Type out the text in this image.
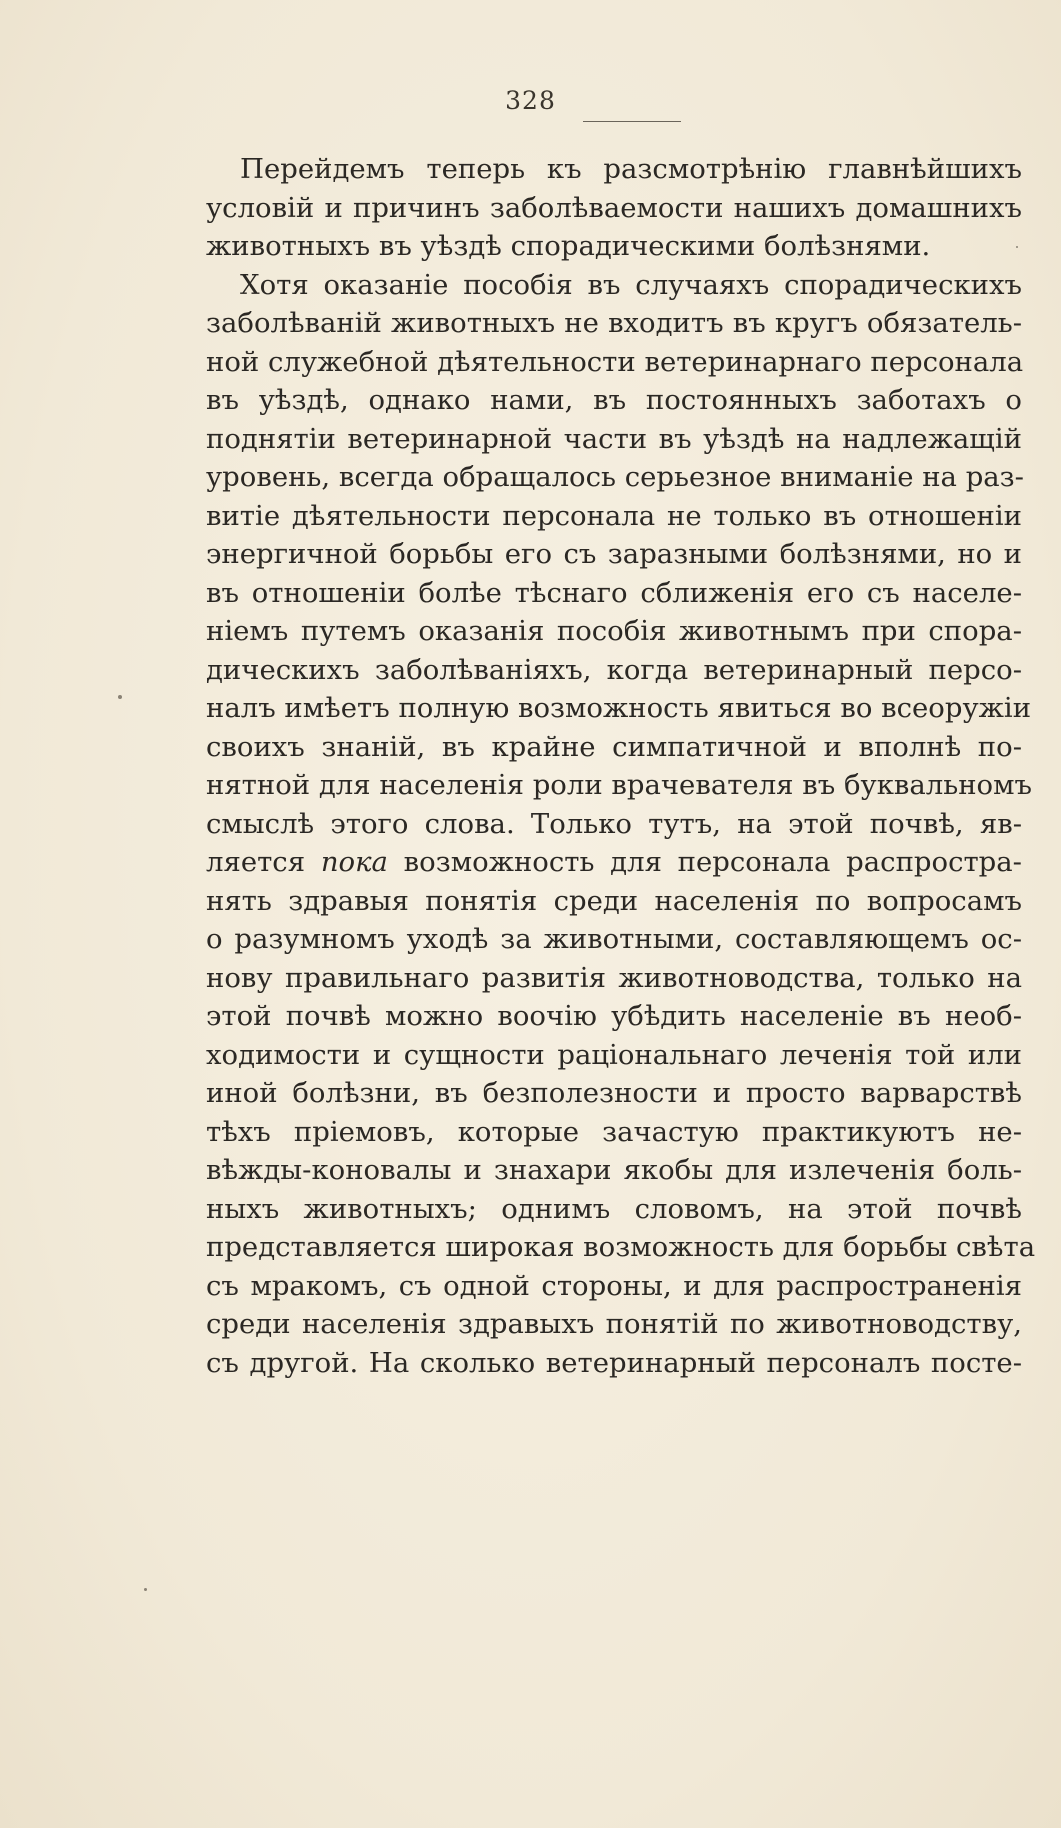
328
Перейдемъ теперь къ разсмотрѣнію главнѣйшихъ
условій и причинъ заболѣваемости нашихъ домашнихъ
животныхъ въ уѣздѣ спорадическими болѣзнями.
Хотя оказаніе пособія въ случаяхъ спорадическихъ
заболѣваній животныхъ не входитъ въ кругъ обязатель-
ной служебной дѣятельности ветеринарнаго персонала
въ уѣздѣ, однако нами, въ постоянныхъ заботахъ о
поднятіи ветеринарной части въ уѣздѣ на надлежащій
уровень, всегда обращалось серьезное вниманіе на раз-
витіе дѣятельности персонала не только въ отношеніи
энергичной борьбы его съ заразными болѣзнями, но и
въ отношеніи болѣе тѣснаго сближенія его съ населе-
ніемъ путемъ оказанія пособія животнымъ при спора-
дическихъ заболѣваніяхъ, когда ветеринарный персо-
налъ имѣетъ полную возможность явиться во всеоружіи
своихъ знаній, въ крайне симпатичной и вполнѣ по-
нятной для населенія роли врачевателя въ буквальномъ
смыслѣ этого слова. Только тутъ, на этой почвѣ, яв-
ляется пока возможность для персонала распростра-
нять здравыя понятія среди населенія по вопросамъ
о разумномъ уходѣ за животными, составляющемъ ос-
нову правильнаго развитія животноводства, только на
этой почвѣ можно воочію убѣдить населеніе въ необ-
ходимости и сущности раціональнаго леченія той или
иной болѣзни, въ безполезности и просто варварствѣ
тѣхъ пріемовъ, которые зачастую практикуютъ не-
вѣжды-коновалы и знахари якобы для излеченія боль-
ныхъ животныхъ; однимъ словомъ, на этой почвѣ
представляется широкая возможность для борьбы свѣта
съ мракомъ, съ одной стороны, и для распространенія
среди населенія здравыхъ понятій по животноводству,
съ другой. На сколько ветеринарный персоналъ посте-
